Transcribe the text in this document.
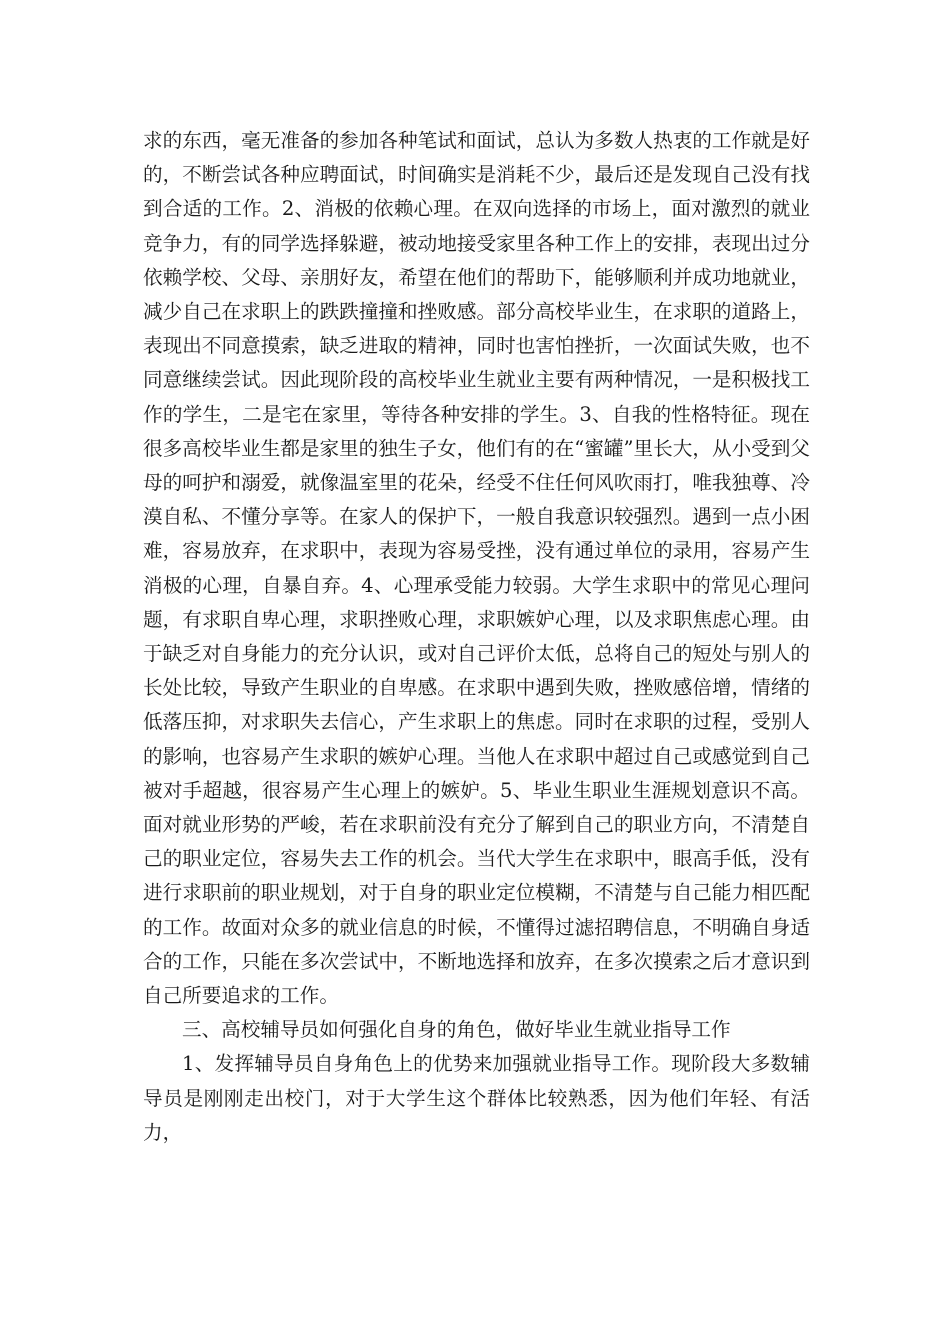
求的东西，毫无准备的参加各种笔试和面试，总认为多数人热衷的工作就是好的，不断尝试各种应聘面试，时间确实是消耗不少，最后还是发现自己没有找到合适的工作。2、消极的依赖心理。在双向选择的市场上，面对激烈的就业竞争力，有的同学选择躲避，被动地接受家里各种工作上的安排，表现出过分依赖学校、父母、亲朋好友，希望在他们的帮助下，能够顺利并成功地就业，减少自己在求职上的跌跌撞撞和挫败感。部分高校毕业生，在求职的道路上，表现出不同意摸索，缺乏进取的精神，同时也害怕挫折，一次面试失败，也不同意继续尝试。因此现阶段的高校毕业生就业主要有两种情况，一是积极找工作的学生，二是宅在家里，等待各种安排的学生。3、自我的性格特征。现在很多高校毕业生都是家里的独生子女，他们有的在“蜜罐”里长大，从小受到父母的呵护和溺爱，就像温室里的花朵，经受不住任何风吹雨打，唯我独尊、冷漠自私、不懂分享等。在家人的保护下，一般自我意识较强烈。遇到一点小困难，容易放弃，在求职中，表现为容易受挫，没有通过单位的录用，容易产生消极的心理，自暴自弃。4、心理承受能力较弱。大学生求职中的常见心理问题，有求职自卑心理，求职挫败心理，求职嫉妒心理，以及求职焦虑心理。由于缺乏对自身能力的充分认识，或对自己评价太低，总将自己的短处与别人的长处比较，导致产生职业的自卑感。在求职中遇到失败，挫败感倍增，情绪的低落压抑，对求职失去信心，产生求职上的焦虑。同时在求职的过程，受别人的影响，也容易产生求职的嫉妒心理。当他人在求职中超过自己或感觉到自己被对手超越，很容易产生心理上的嫉妒。5、毕业生职业生涯规划意识不高。面对就业形势的严峻，若在求职前没有充分了解到自己的职业方向，不清楚自己的职业定位，容易失去工作的机会。当代大学生在求职中，眼高手低，没有进行求职前的职业规划，对于自身的职业定位模糊，不清楚与自己能力相匹配的工作。故面对众多的就业信息的时候，不懂得过滤招聘信息，不明确自身适合的工作，只能在多次尝试中，不断地选择和放弃，在多次摸索之后才意识到自己所要追求的工作。

三、高校辅导员如何强化自身的角色，做好毕业生就业指导工作

1、发挥辅导员自身角色上的优势来加强就业指导工作。现阶段大多数辅导员是刚刚走出校门，对于大学生这个群体比较熟悉，因为他们年轻、有活力，
